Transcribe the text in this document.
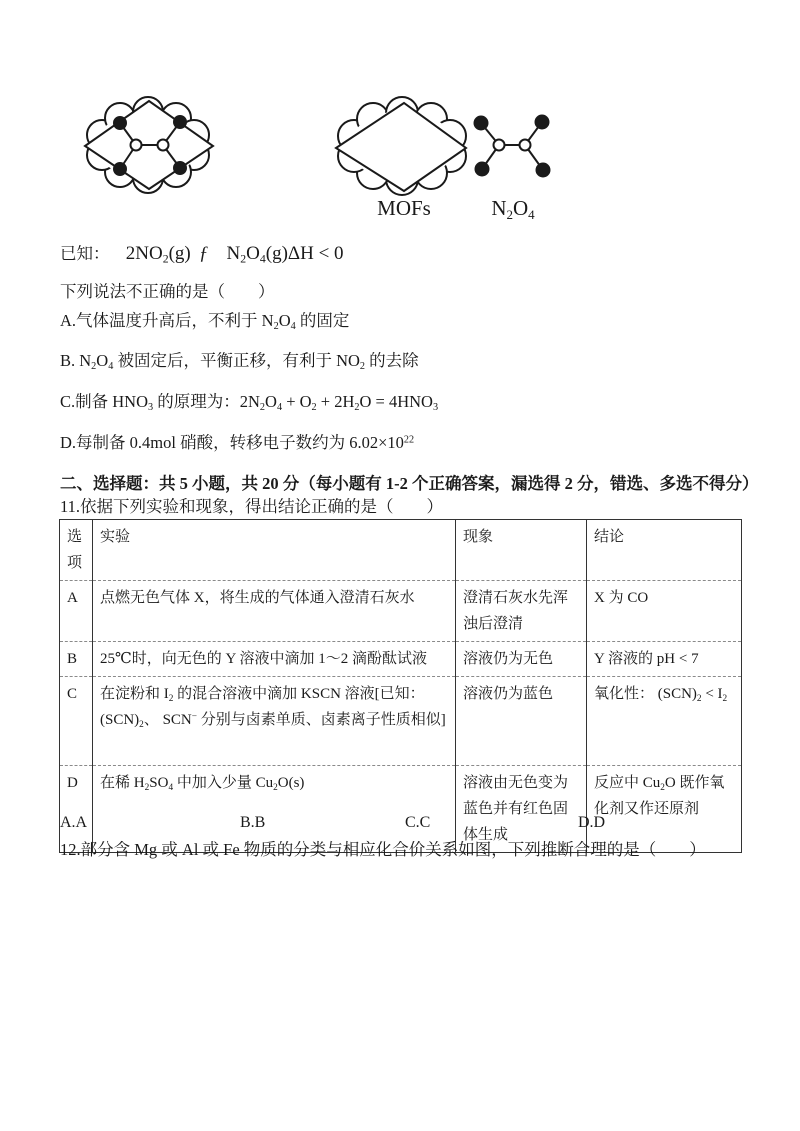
MOFs	$N_2O_4$
已知： $2NO_2(g)$ ƒ $N_2O_4(g)\Delta H < 0$
下列说法不正确的是（　　）
A.气体温度升高后，不利于 $N_2O_4$ 的固定
B. $N_2O_4$ 被固定后，平衡正移，有利于 $NO_2$ 的去除
C.制备 $HNO_3$ 的原理为：$2N_2O_4 + O_2 + 2H_2O = 4HNO_3$
D.每制备 0.4mol 硝酸，转移电子数约为 $6.02\times 10^{22}$
二、选择题：共 5 小题，共 20 分（每小题有 1-2 个正确答案，漏选得 2 分，错选、多选不得分）
11.依据下列实验和现象，得出结论正确的是（　　）
选项	实验	现象	结论
A	点燃无色气体 X，将生成的气体通入澄清石灰水	澄清石灰水先浑浊后澄清	X 为 CO
B	25℃时，向无色的 Y 溶液中滴加 1～2 滴酚酞试液	溶液仍为无色	Y 溶液的 pH < 7
C	在淀粉和 $I_2$ 的混合溶液中滴加 KSCN 溶液[已知：$(SCN)_2$、 SCN− 分别与卤素单质、卤素离子性质相似]	溶液仍为蓝色	氧化性： $(SCN)_2 < I_2$
D	在稀 $H_2SO_4$ 中加入少量 $Cu_2O(s)$	溶液由无色变为蓝色并有红色固体生成	反应中 $Cu_2O$ 既作氧化剂又作还原剂
A.A	B.B	C.C	D.D
12.部分含 Mg 或 Al 或 Fe 物质的分类与相应化合价关系如图，下列推断合理的是（　　）
